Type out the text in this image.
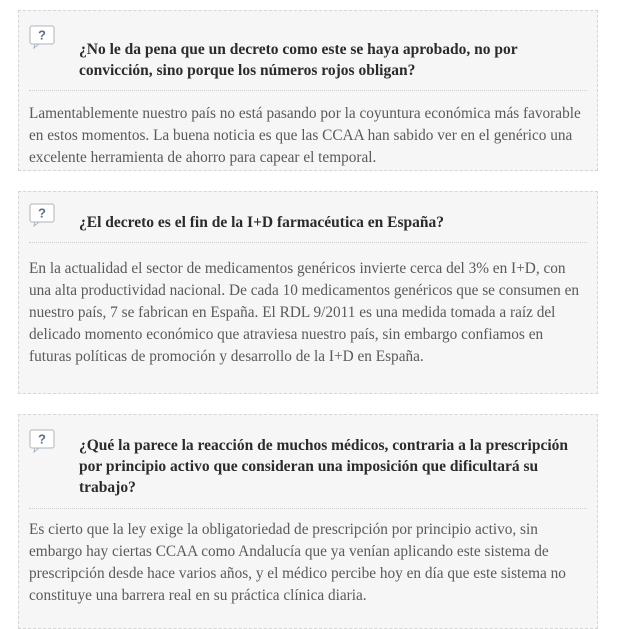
?

¿No le da pena que un decreto como este se haya aprobado, no por convicción, sino porque los números rojos obligan?

Lamentablemente nuestro país no está pasando por la coyuntura económica más favorable en estos momentos. La buena noticia es que las CCAA han sabido ver en el genérico una excelente herramienta de ahorro para capear el temporal.

?

¿El decreto es el fin de la I+D farmacéutica en España?

En la actualidad el sector de medicamentos genéricos invierte cerca del 3% en I+D, con una alta productividad nacional. De cada 10 medicamentos genéricos que se consumen en nuestro país, 7 se fabrican en España. El RDL 9/2011 es una medida tomada a raíz del delicado momento económico que atraviesa nuestro país, sin embargo confiamos en futuras políticas de promoción y desarrollo de la I+D en España.

? ¿Qué la parece la reacción de muchos médicos, contraria a la prescripción por principio activo que consideran una imposición que dificultará su trabajo?

Es cierto que la ley exige la obligatoriedad de prescripción por principio activo, sin embargo hay ciertas CCAA como Andalucía que ya venían aplicando este sistema de prescripción desde hace varios años, y el médico percibe hoy en día que este sistema no constituye una barrera real en su práctica clínica diaria.
